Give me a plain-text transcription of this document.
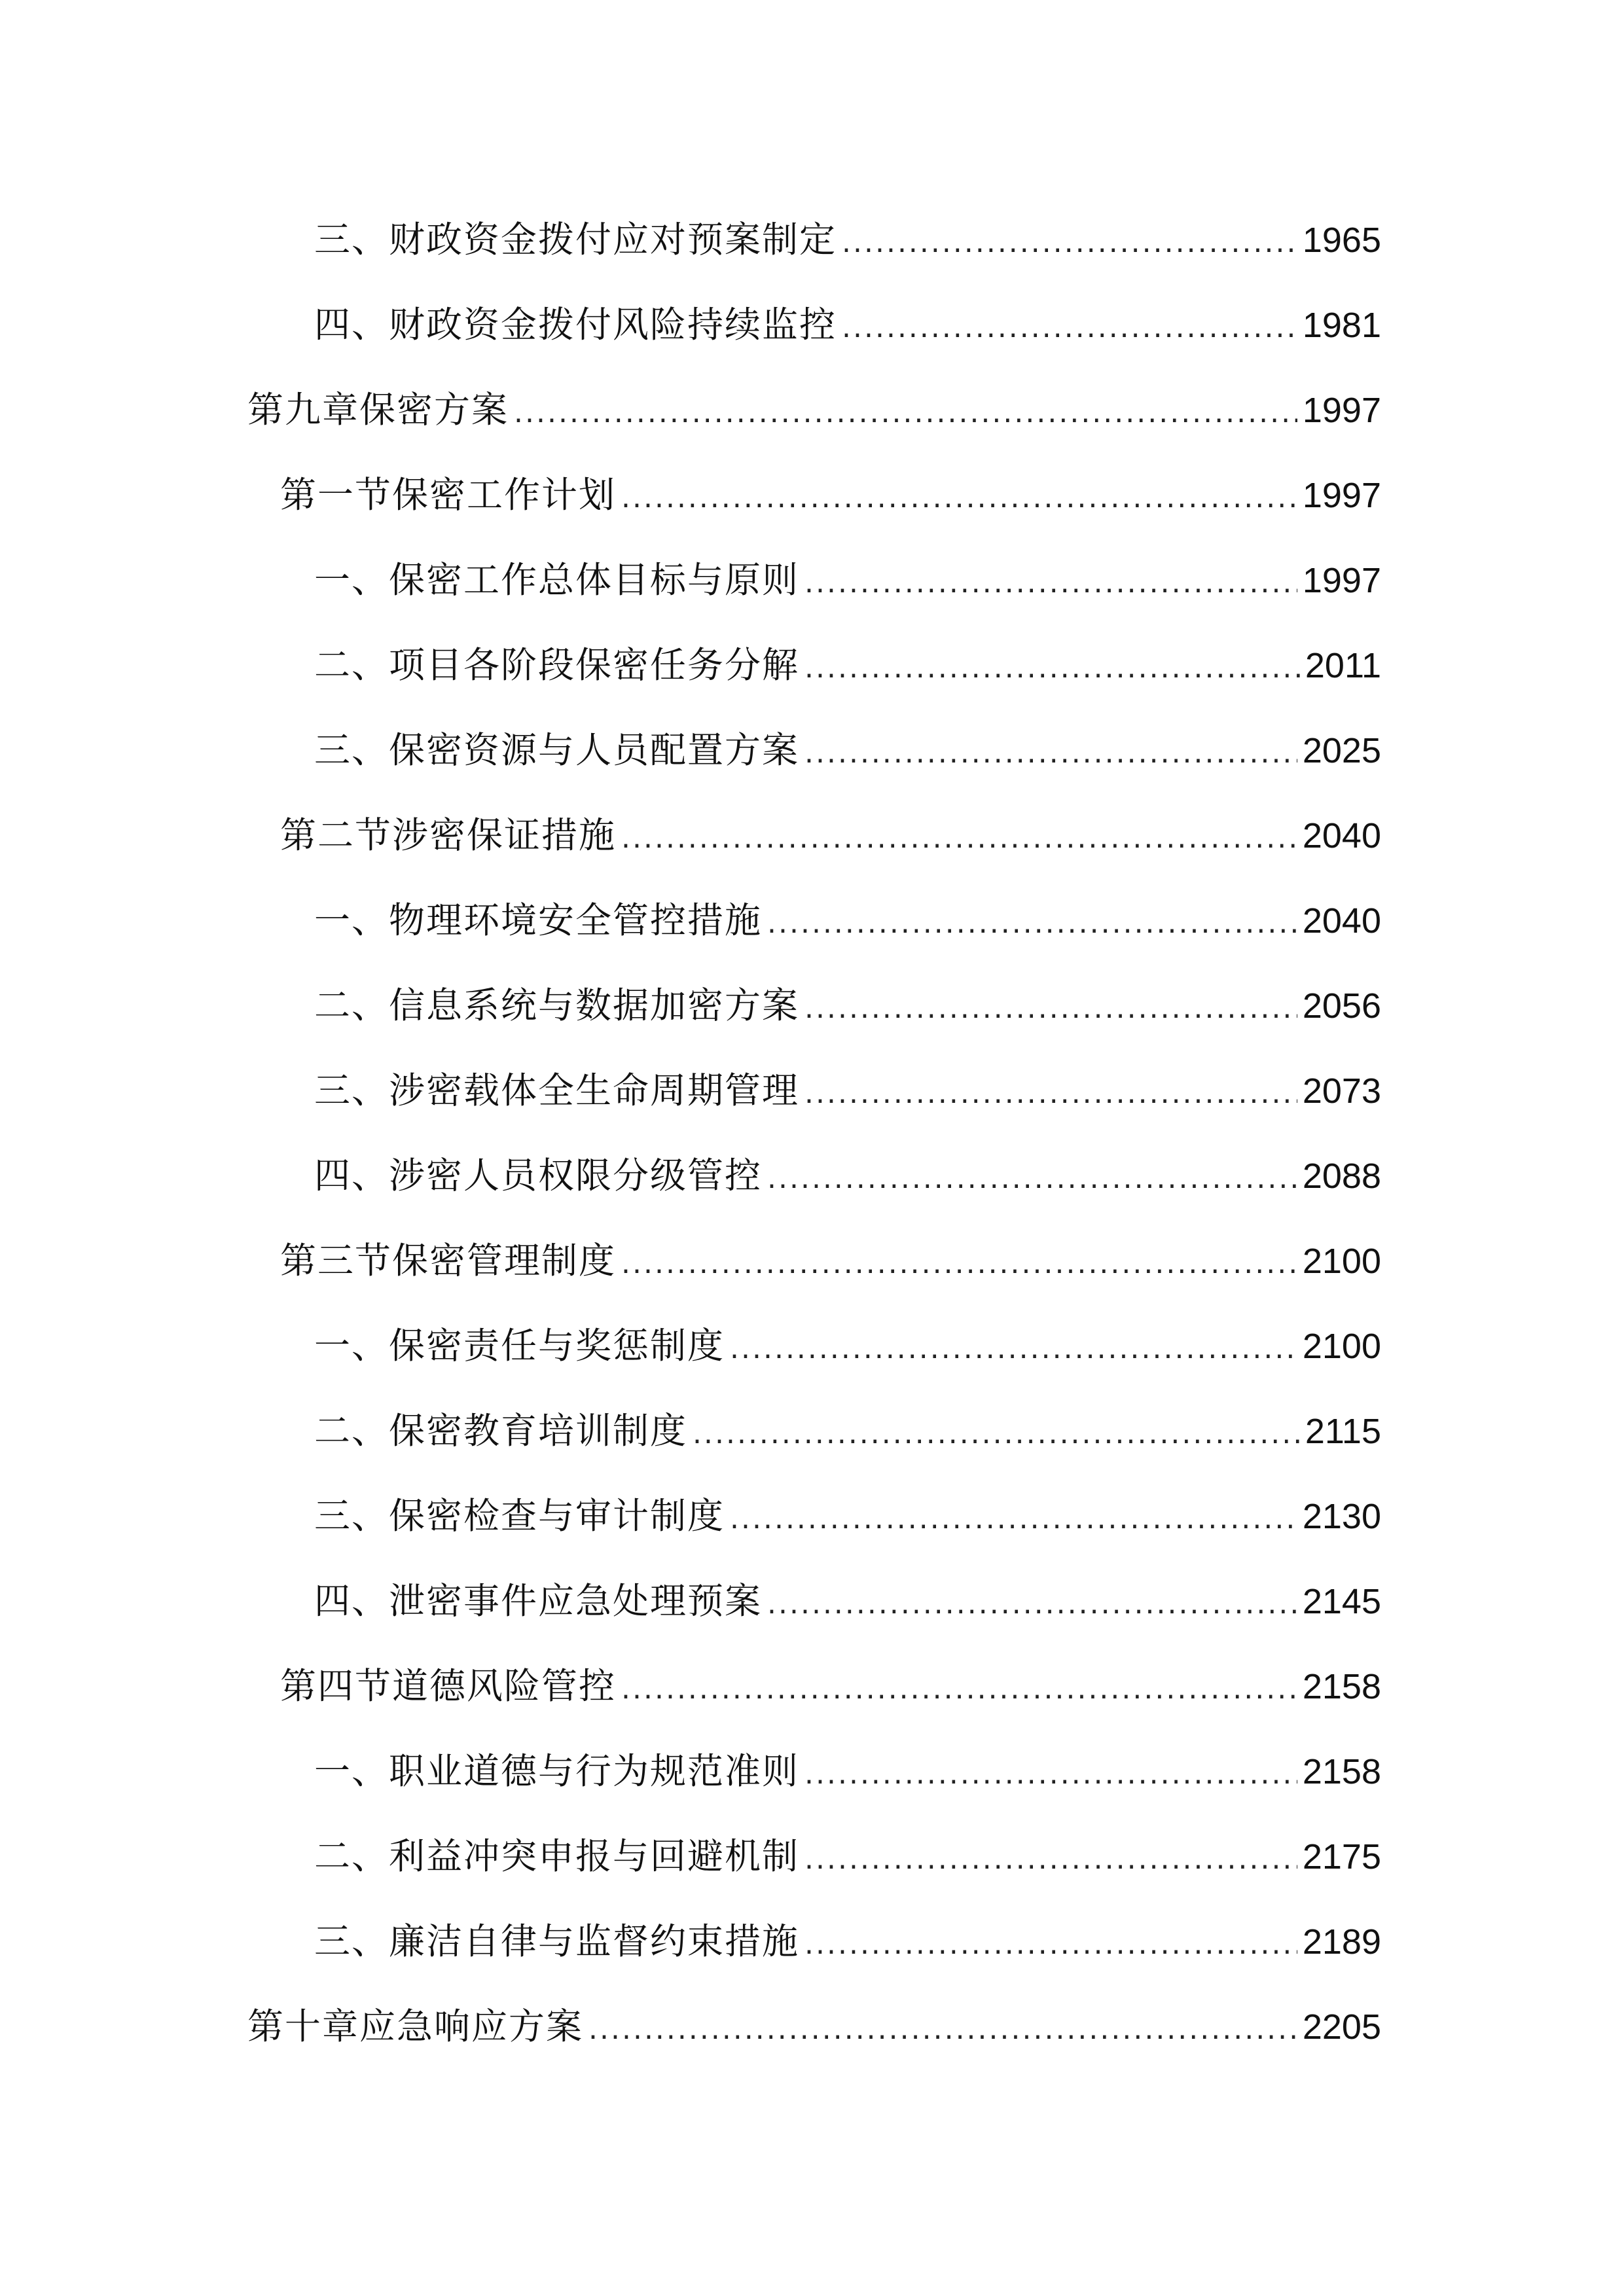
三、财政资金拨付应对预案制定 .....	1965
四、财政资金拨付风险持续监控 .....	1981
第九章保密方案 .....	1997
第一节保密工作计划 .....	1997
一、保密工作总体目标与原则 .....	1997
二、项目各阶段保密任务分解 .....	2011
三、保密资源与人员配置方案 .....	2025
第二节涉密保证措施 .....	2040
一、物理环境安全管控措施 .....	2040
二、信息系统与数据加密方案 .....	2056
三、涉密载体全生命周期管理 .....	2073
四、涉密人员权限分级管控 .....	2088
第三节保密管理制度 .....	2100
一、保密责任与奖惩制度 .....	2100
二、保密教育培训制度 .....	2115
三、保密检查与审计制度 .....	2130
四、泄密事件应急处理预案 .....	2145
第四节道德风险管控 .....	2158
一、职业道德与行为规范准则 .....	2158
二、利益冲突申报与回避机制 .....	2175
三、廉洁自律与监督约束措施 .....	2189
第十章应急响应方案 .....	2205
